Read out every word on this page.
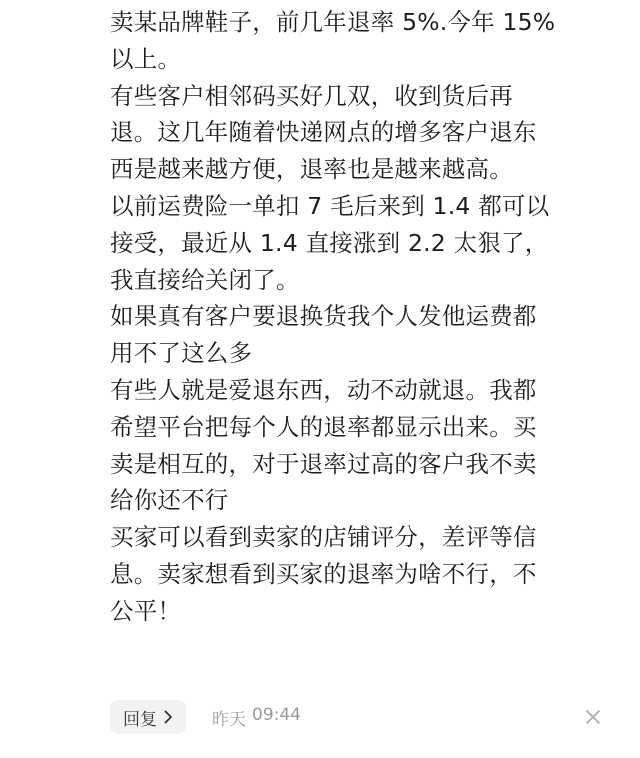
卖某品牌鞋子，前几年退率 5%.今年 15%

以上。

有些客户相邻码买好几双，收到货后再

退。这几年随着快递网点的增多客户退东

西是越来越方便，退率也是越来越高。

以前运费险一单扣 7 毛后来到 1.4 都可以

接受，最近从 1.4 直接涨到 2.2 太狠了，

我直接给关闭了。

如果真有客户要退换货我个人发他运费都

用不了这么多

有些人就是爱退东西，动不动就退。我都

希望平台把每个人的退率都显示出来。买

卖是相互的，对于退率过高的客户我不卖

给你还不行

买家可以看到卖家的店铺评分，差评等信

息。卖家想看到买家的退率为啥不行，不

公平！

回复	昨天 09:44
